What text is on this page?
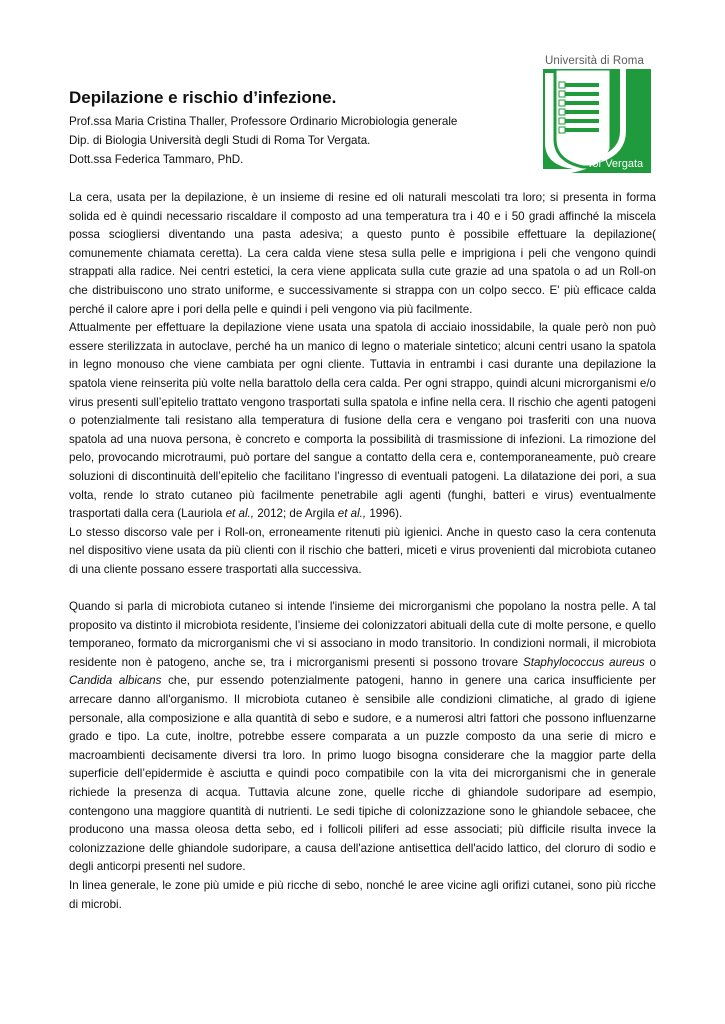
Università di Roma
Tor Vergata
Depilazione e rischio d’infezione.

Prof.ssa Maria Cristina Thaller, Professore Ordinario Microbiologia generale

Dip. di Biologia Università degli Studi di Roma Tor Vergata.

Dott.ssa Federica Tammaro, PhD.

La cera, usata per la depilazione, è un insieme di resine ed oli naturali mescolati tra loro; si presenta in forma solida ed è quindi necessario riscaldare il composto ad una temperatura tra i 40 e i 50 gradi affinché la miscela possa sciogliersi diventando una pasta adesiva; a questo punto è possibile effettuare la depilazione( comunemente chiamata ceretta). La cera calda viene stesa sulla pelle e imprigiona i peli che vengono quindi strappati alla radice. Nei centri estetici, la cera viene applicata sulla cute grazie ad una spatola o ad un Roll-on che distribuiscono uno strato uniforme, e successivamente si strappa con un colpo secco. E' più efficace calda perché il calore apre i pori della pelle e quindi i peli vengono via più facilmente.

Attualmente per effettuare la depilazione viene usata una spatola di acciaio inossidabile, la quale però non può essere sterilizzata in autoclave, perché ha un manico di legno o materiale sintetico; alcuni centri usano la spatola in legno monouso che viene cambiata per ogni cliente. Tuttavia in entrambi i casi durante una depilazione la spatola viene reinserita più volte nella barattolo della cera calda. Per ogni strappo, quindi alcuni microrganismi e/o virus presenti sull’epitelio trattato vengono trasportati sulla spatola e infine nella cera. Il rischio che agenti patogeni o potenzialmente tali resistano alla temperatura di fusione della cera e vengano poi trasferiti con una nuova spatola ad una nuova persona, è concreto e comporta la possibilità di trasmissione di infezioni. La rimozione del pelo, provocando microtraumi, può portare del sangue a contatto della cera e, contemporaneamente, può creare soluzioni di discontinuità dell’epitelio che facilitano l’ingresso di eventuali patogeni. La dilatazione dei pori, a sua volta, rende lo strato cutaneo più facilmente penetrabile agli agenti (funghi, batteri e virus) eventualmente trasportati dalla cera (Lauriola et al., 2012; de Argila et al., 1996).

Lo stesso discorso vale per i Roll-on, erroneamente ritenuti più igienici. Anche in questo caso la cera contenuta nel dispositivo viene usata da più clienti con il rischio che batteri, miceti e virus provenienti dal microbiota cutaneo di una cliente possano essere trasportati alla successiva.

Quando si parla di microbiota cutaneo si intende l'insieme dei microrganismi che popolano la nostra pelle. A tal proposito va distinto il microbiota residente, l’insieme dei colonizzatori abituali della cute di molte persone, e quello temporaneo, formato da microrganismi che vi si associano in modo transitorio. In condizioni normali, il microbiota residente non è patogeno, anche se, tra i microrganismi presenti si possono trovare Staphylococcus aureus o Candida albicans che, pur essendo potenzialmente patogeni, hanno in genere una carica insufficiente per arrecare danno all'organismo. Il microbiota cutaneo è sensibile alle condizioni climatiche, al grado di igiene personale, alla composizione e alla quantità di sebo e sudore, e a numerosi altri fattori che possono influenzarne grado e tipo. La cute, inoltre, potrebbe essere comparata a un puzzle composto da una serie di micro e macroambienti decisamente diversi tra loro. In primo luogo bisogna considerare che la maggior parte della superficie dell’epidermide è asciutta e quindi poco compatibile con la vita dei microrganismi che in generale richiede la presenza di acqua. Tuttavia alcune zone, quelle ricche di ghiandole sudoripare ad esempio, contengono una maggiore quantità di nutrienti. Le sedi tipiche di colonizzazione sono le ghiandole sebacee, che producono una massa oleosa detta sebo, ed i follicoli piliferi ad esse associati; più difficile risulta invece la colonizzazione delle ghiandole sudoripare, a causa dell'azione antisettica dell'acido lattico, del cloruro di sodio e degli anticorpi presenti nel sudore.

In linea generale, le zone più umide e più ricche di sebo, nonché le aree vicine agli orifizi cutanei, sono più ricche di microbi.
